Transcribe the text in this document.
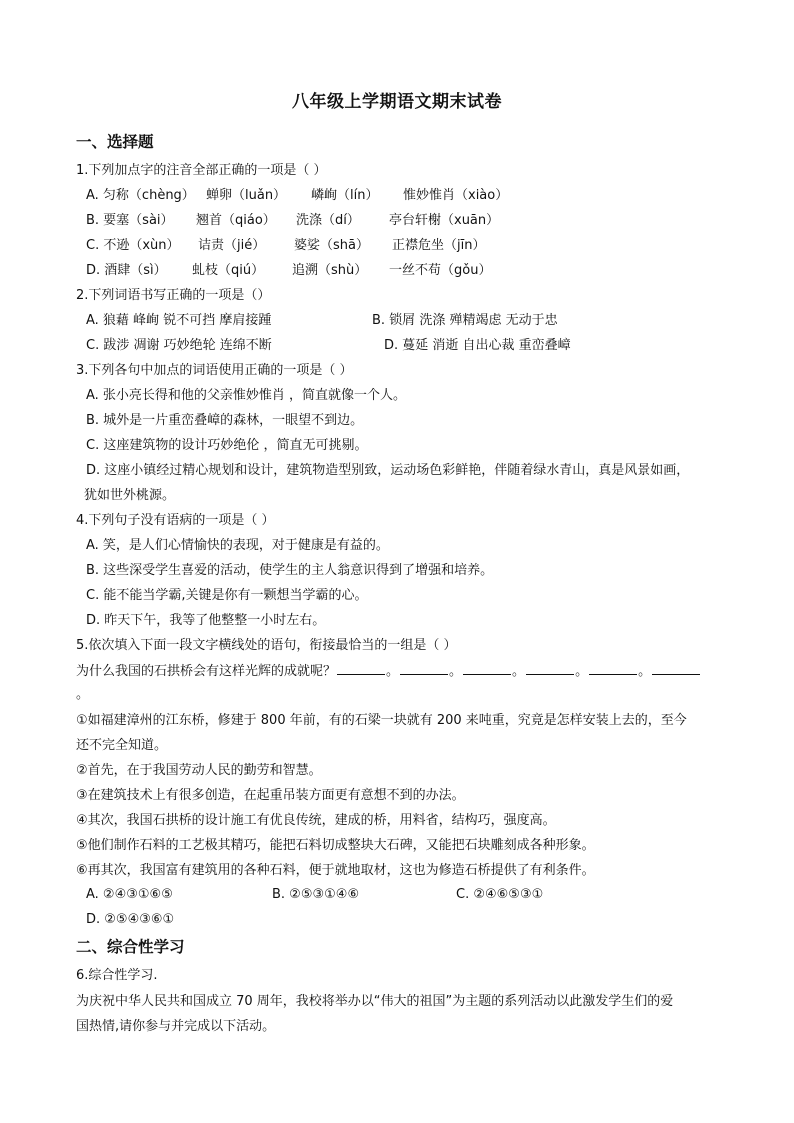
八年级上学期语文期末试卷
一、选择题
1.下列加点字的注音全部正确的一项是（ ）
A. 匀称（chèng） 蝉卵（luǎn） 嶙峋（lín） 惟妙惟肖（xiào）
B. 要塞（sài） 翘首（qiáo） 洗涤（dí） 亭台轩榭（xuān）
C. 不逊（xùn） 诘责（jié） 婆娑（shā） 正襟危坐（jīn）
D. 酒肆（sì） 虬枝（qiú） 追溯（shù） 一丝不苟（gǒu）
2.下列词语书写正确的一项是（）
A. 狼藉 峰峋 锐不可挡 摩肩接踵	B. 锁屑 洗涤 殚精竭虑 无动于忠
C. 跋涉 凋谢 巧妙绝轮 连绵不断	D. 蔓延 消逝 自出心裁 重峦叠嶂
3.下列各句中加点的词语使用正确的一项是（ ）
A. 张小亮长得和他的父亲惟妙惟肖 ，简直就像一个人。
B. 城外是一片重峦叠嶂的森林，一眼望不到边。
C. 这座建筑物的设计巧妙绝伦 ，简直无可挑剔。
D. 这座小镇经过精心规划和设计，建筑物造型别致，运动场色彩鲜艳，伴随着绿水青山，真是风景如画，
犹如世外桃源。
4.下列句子没有语病的一项是（ ）
A. 笑，是人们心情愉快的表现，对于健康是有益的。
B. 这些深受学生喜爱的活动，使学生的主人翁意识得到了增强和培养。
C. 能不能当学霸,关键是你有一颗想当学霸的心。
D. 昨天下午，我等了他整整一小时左右。
5.依次填入下面一段文字横线处的语句，衔接最恰当的一组是（ ）
为什么我国的石拱桥会有这样光辉的成就呢？	。	。	。	。	。
。
①如福建漳州的江东桥，修建于 800 年前，有的石梁一块就有 200 来吨重，究竟是怎样安装上去的，至今
还不完全知道。
②首先，在于我国劳动人民的勤劳和智慧。
③在建筑技术上有很多创造，在起重吊装方面更有意想不到的办法。
④其次，我国石拱桥的设计施工有优良传统，建成的桥，用料省，结构巧，强度高。
⑤他们制作石料的工艺极其精巧，能把石料切成整块大石碑，又能把石块雕刻成各种形象。
⑥再其次，我国富有建筑用的各种石料，便于就地取材，这也为修造石桥提供了有利条件。
A. ②④③①⑥⑤	B. ②⑤③①④⑥	C. ②④⑥⑤③①
D. ②⑤④③⑥①
二、综合性学习
6.综合性学习.
为庆祝中华人民共和国成立 70 周年，我校将举办以“伟大的祖国”为主题的系列活动以此激发学生们的爱
国热情,请你参与并完成以下活动。
